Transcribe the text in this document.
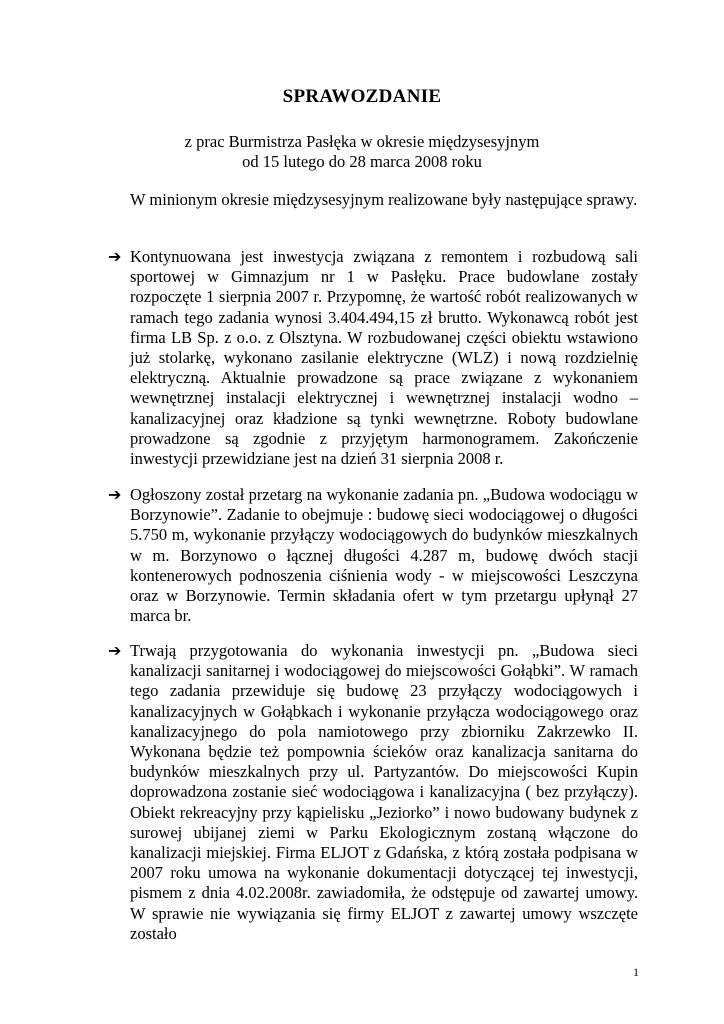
SPRAWOZDANIE
z prac Burmistrza Pasłęka w okresie międzysesyjnym
od 15 lutego do 28 marca 2008 roku
W minionym okresie międzysesyjnym realizowane były następujące sprawy.
➔ Kontynuowana jest inwestycja związana z remontem i rozbudową sali sportowej w Gimnazjum nr 1 w Pasłęku. Prace budowlane zostały rozpoczęte 1 sierpnia 2007 r. Przypomnę, że wartość robót realizowanych w ramach tego zadania wynosi 3.404.494,15 zł brutto. Wykonawcą robót jest firma LB Sp. z o.o. z Olsztyna. W rozbudowanej części obiektu wstawiono już stolarkę, wykonano zasilanie elektryczne (WLZ) i nową rozdzielnię elektryczną. Aktualnie prowadzone są prace związane z wykonaniem wewnętrznej instalacji elektrycznej i wewnętrznej instalacji wodno – kanalizacyjnej oraz kładzione są tynki wewnętrzne. Roboty budowlane prowadzone są zgodnie z przyjętym harmonogramem. Zakończenie inwestycji przewidziane jest na dzień 31 sierpnia 2008 r.
➔ Ogłoszony został przetarg na wykonanie zadania pn. „Budowa wodociągu w Borzynowie”. Zadanie to obejmuje : budowę sieci wodociągowej o długości 5.750 m, wykonanie przyłączy wodociągowych do budynków mieszkalnych w m. Borzynowo o łącznej długości 4.287 m, budowę dwóch stacji kontenerowych podnoszenia ciśnienia wody - w miejscowości Leszczyna oraz w Borzynowie. Termin składania ofert w tym przetargu upłynął 27 marca br.
➔ Trwają przygotowania do wykonania inwestycji pn. „Budowa sieci kanalizacji sanitarnej i wodociągowej do miejscowości Gołąbki”. W ramach tego zadania przewiduje się budowę 23 przyłączy wodociągowych i kanalizacyjnych w Gołąbkach i wykonanie przyłącza wodociągowego oraz kanalizacyjnego do pola namiotowego przy zbiorniku Zakrzewko II. Wykonana będzie też pompownia ścieków oraz kanalizacja sanitarna do budynków mieszkalnych przy ul. Partyzantów. Do miejscowości Kupin doprowadzona zostanie sieć wodociągowa i kanalizacyjna ( bez przyłączy). Obiekt rekreacyjny przy kąpielisku „Jeziorko” i nowo budowany budynek z surowej ubijanej ziemi w Parku Ekologicznym zostaną włączone do kanalizacji miejskiej. Firma ELJOT z Gdańska, z którą została podpisana w 2007 roku umowa na wykonanie dokumentacji dotyczącej tej inwestycji, pismem z dnia 4.02.2008r. zawiadomiła, że odstępuje od zawartej umowy. W sprawie nie wywiązania się firmy ELJOT z zawartej umowy wszczęte zostało
1
